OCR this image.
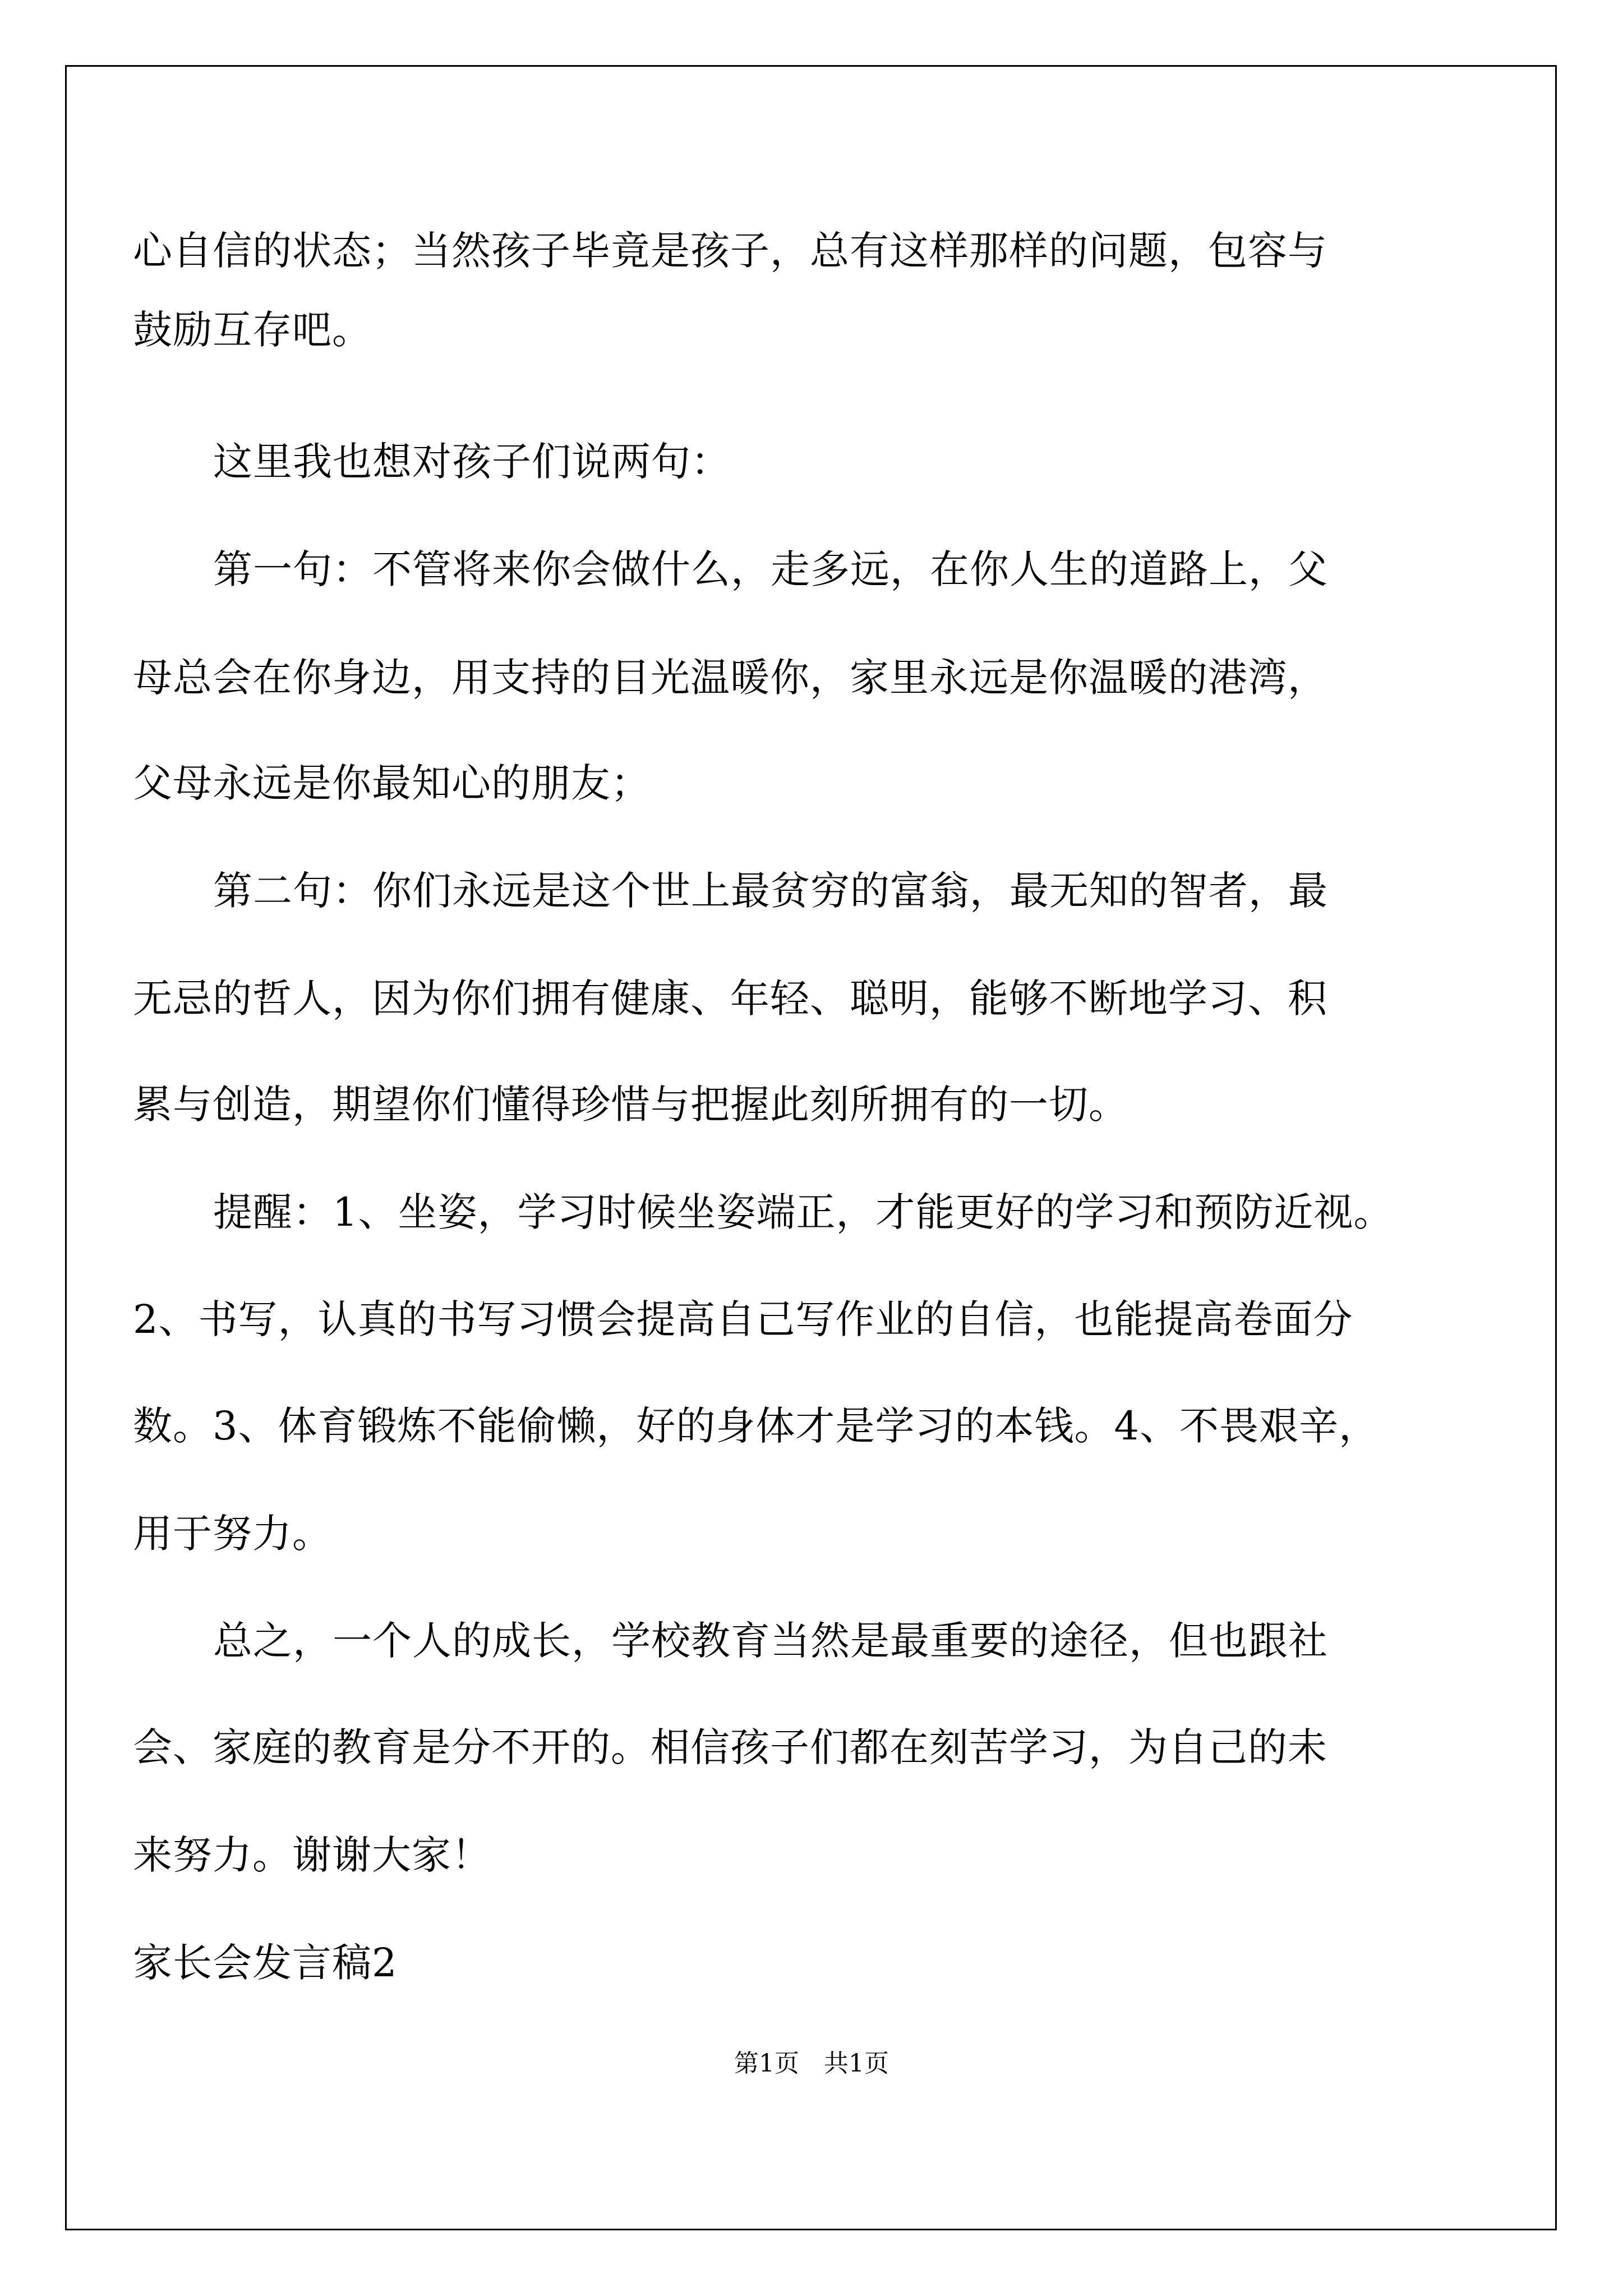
心自信的状态；当然孩子毕竟是孩子，总有这样那样的问题，包容与
鼓励互存吧。
这里我也想对孩子们说两句：
第一句：不管将来你会做什么，走多远，在你人生的道路上，父
母总会在你身边，用支持的目光温暖你，家里永远是你温暖的港湾，
父母永远是你最知心的朋友；
第二句：你们永远是这个世上最贫穷的富翁，最无知的智者，最
无忌的哲人，因为你们拥有健康、年轻、聪明，能够不断地学习、积
累与创造，期望你们懂得珍惜与把握此刻所拥有的一切。
提醒：1、坐姿，学习时候坐姿端正，才能更好的学习和预防近视。
2、书写，认真的书写习惯会提高自己写作业的自信，也能提高卷面分
数。3、体育锻炼不能偷懒，好的身体才是学习的本钱。4、不畏艰辛，
用于努力。
总之，一个人的成长，学校教育当然是最重要的途径，但也跟社
会、家庭的教育是分不开的。相信孩子们都在刻苦学习，为自己的未
来努力。谢谢大家！
家长会发言稿2
第1页　共1页
